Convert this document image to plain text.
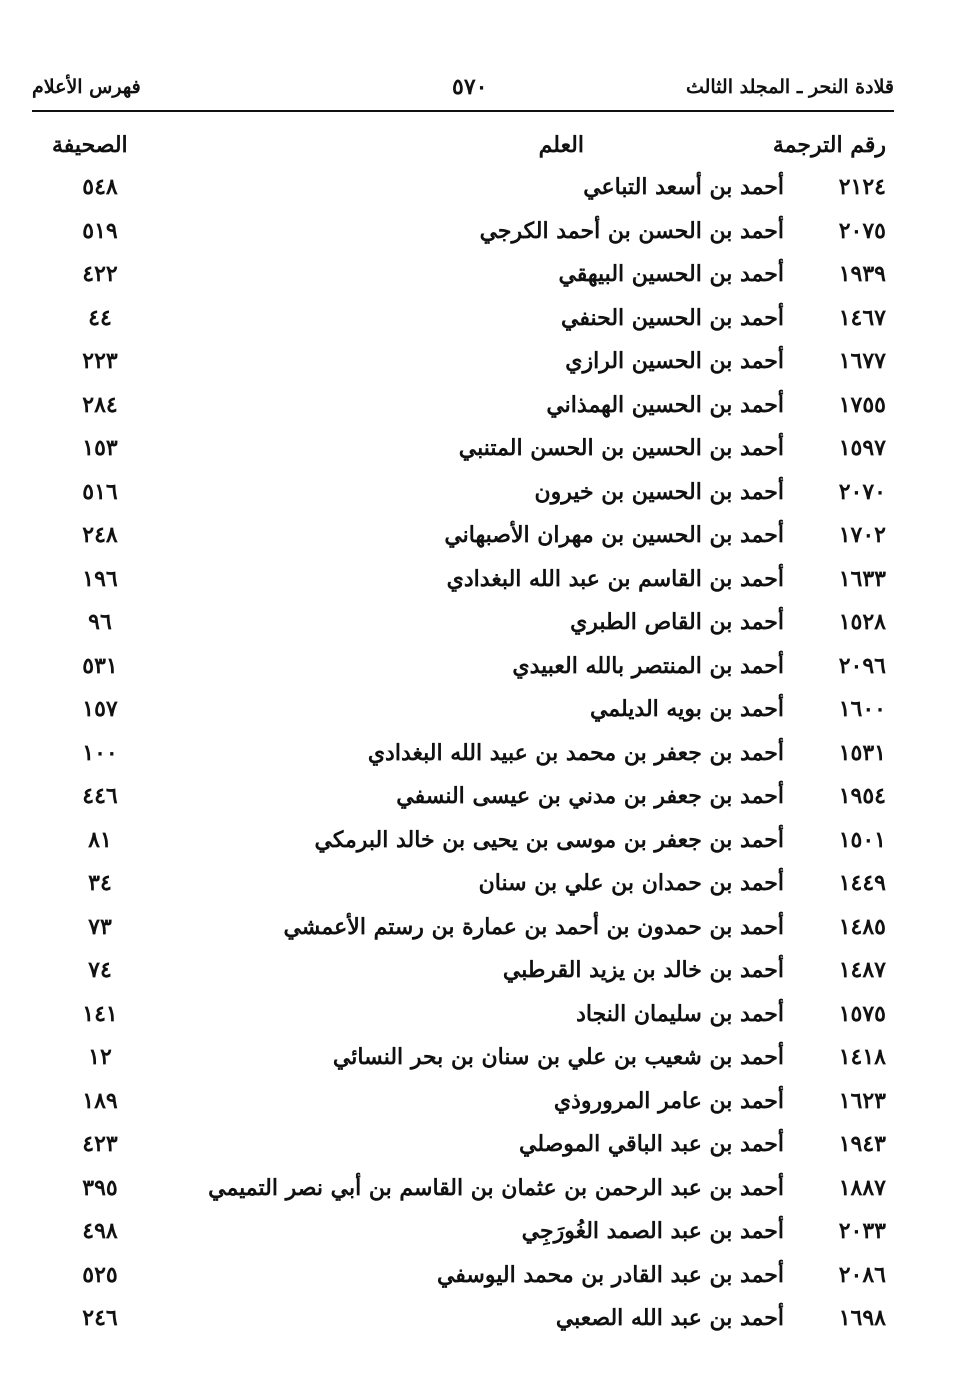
قلادة النحر ـ المجلد الثالث
٥٧٠
فهرس الأعلام
رقم الترجمة
العلم
الصحيفة
٢١٢٤
أحمد بن أسعد التباعي
٥٤٨
٢٠٧٥
أحمد بن الحسن بن أحمد الكرجي
٥١٩
١٩٣٩
أحمد بن الحسين البيهقي
٤٢٢
١٤٦٧
أحمد بن الحسين الحنفي
٤٤
١٦٧٧
أحمد بن الحسين الرازي
٢٢٣
١٧٥٥
أحمد بن الحسين الهمذاني
٢٨٤
١٥٩٧
أحمد بن الحسين بن الحسن المتنبي
١٥٣
٢٠٧٠
أحمد بن الحسين بن خيرون
٥١٦
١٧٠٢
أحمد بن الحسين بن مهران الأصبهاني
٢٤٨
١٦٣٣
أحمد بن القاسم بن عبد الله البغدادي
١٩٦
١٥٢٨
أحمد بن القاص الطبري
٩٦
٢٠٩٦
أحمد بن المنتصر بالله العبيدي
٥٣١
١٦٠٠
أحمد بن بويه الديلمي
١٥٧
١٥٣١
أحمد بن جعفر بن محمد بن عبيد الله البغدادي
١٠٠
١٩٥٤
أحمد بن جعفر بن مدني بن عيسى النسفي
٤٤٦
١٥٠١
أحمد بن جعفر بن موسى بن يحيى بن خالد البرمكي
٨١
١٤٤٩
أحمد بن حمدان بن علي بن سنان
٣٤
١٤٨٥
أحمد بن حمدون بن أحمد بن عمارة بن رستم الأعمشي
٧٣
١٤٨٧
أحمد بن خالد بن يزيد القرطبي
٧٤
١٥٧٥
أحمد بن سليمان النجاد
١٤١
١٤١٨
أحمد بن شعيب بن علي بن سنان بن بحر النسائي
١٢
١٦٢٣
أحمد بن عامر المروروذي
١٨٩
١٩٤٣
أحمد بن عبد الباقي الموصلي
٤٢٣
١٨٨٧
أحمد بن عبد الرحمن بن عثمان بن القاسم بن أبي نصر التميمي
٣٩٥
٢٠٣٣
أحمد بن عبد الصمد الغُورَجِي
٤٩٨
٢٠٨٦
أحمد بن عبد القادر بن محمد اليوسفي
٥٢٥
١٦٩٨
أحمد بن عبد الله الصعبي
٢٤٦
